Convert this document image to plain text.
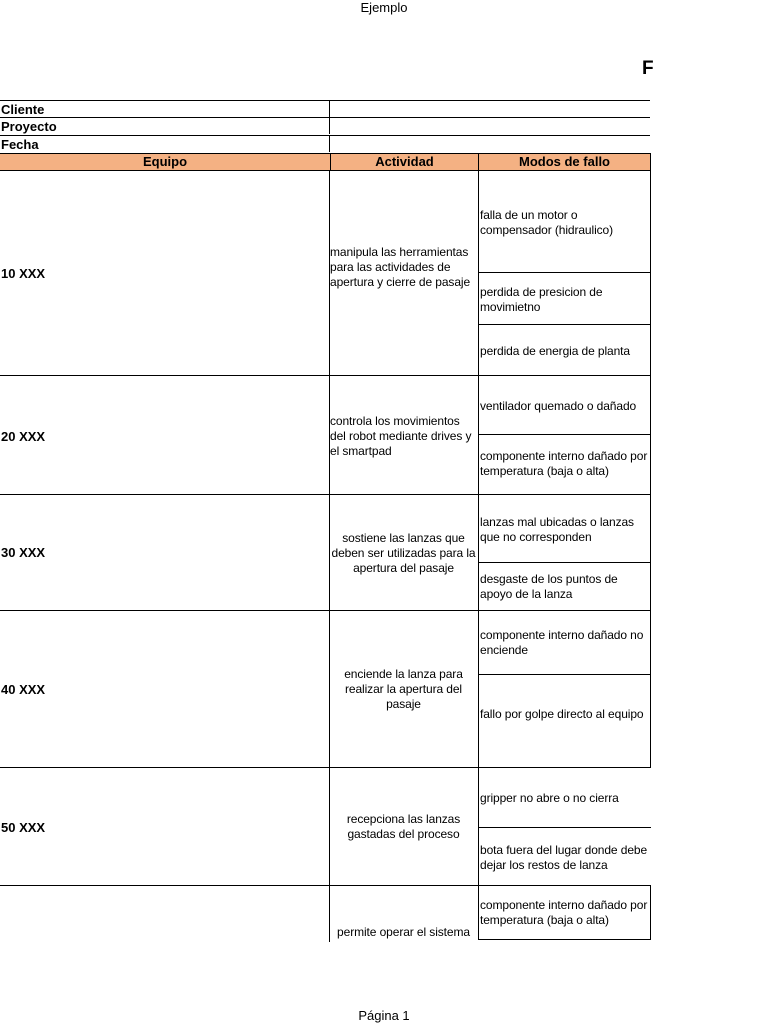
Ejemplo
F
Cliente
Proyecto
Fecha
Equipo	Actividad	Modos de fallo
10 XXX
manipula las herramientas para las actividades de apertura y cierre de pasaje
falla de un motor o compensador (hidraulico)
perdida de presicion de movimietno
perdida de energia de planta
20 XXX
controla los movimientos del robot mediante drives y el smartpad
ventilador quemado o dañado
componente interno dañado por temperatura (baja o alta)
30 XXX
sostiene las lanzas que deben ser utilizadas para la apertura del pasaje
lanzas mal ubicadas o lanzas que no corresponden
desgaste de los puntos de apoyo de la lanza
40 XXX
enciende la lanza para realizar la apertura del pasaje
componente interno dañado no enciende
fallo por golpe directo al equipo
50 XXX
recepciona las lanzas gastadas del proceso
gripper no abre o no cierra
bota fuera del lugar donde debe dejar los restos de lanza
permite operar el sistema
componente interno dañado por temperatura (baja o alta)
Página 1
